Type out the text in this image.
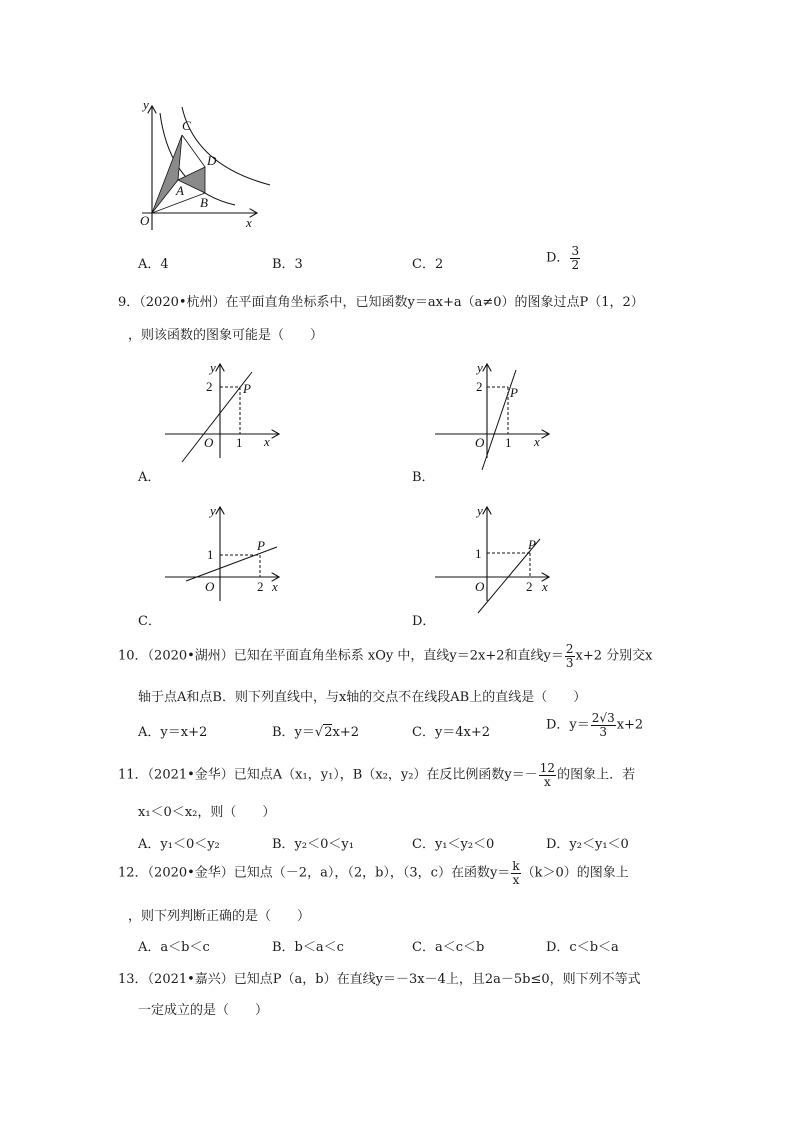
y
x
O
C
D
A
B
A．4	B．3	C．2	D． $\frac{3}{2}$
9．（2020•杭州）在平面直角坐标系中，已知函数y＝ax+a（a≠0）的图象过点P（1，2）
，则该函数的图象可能是（　　）
y
x
O
P
2
1
A．
y
x
O
P
2
1
B．
y
x
O
P
1
2
C．
y
x
O
P
1
2
D．
10．（2020•湖州）已知在平面直角坐标系 xOy 中，直线y＝2x+2和直线$y= \frac{2}{3} x+2$ 分别交x
轴于点A和点B．则下列直线中，与x轴的交点不在线段AB上的直线是（　　）
A．y＝x+2	B．y＝√2x+2	C．y＝4x+2	D．$y= \frac{2√3}{3} x+2$
11．（2021•金华）已知点A（x₁，y₁），B（x₂，y₂）在反比例函数$y=- \frac{12}{x}$ 的图象上．若
x₁＜0＜x₂，则（　　）
A．y₁＜0＜y₂	B．y₂＜0＜y₁	C．y₁＜y₂＜0	D．y₂＜y₁＜0
12．（2020•金华）已知点（－2，a），（2，b），（3，c）在函数$y= \frac{k}{x} (k>0)$的图象上
，则下列判断正确的是（　　）
A．a＜b＜c	B．b＜a＜c	C．a＜c＜b	D．c＜b＜a
13．（2021•嘉兴）已知点P（a，b）在直线y＝－3x－4上，且2a－5b≤0，则下列不等式
一定成立的是（　　）
